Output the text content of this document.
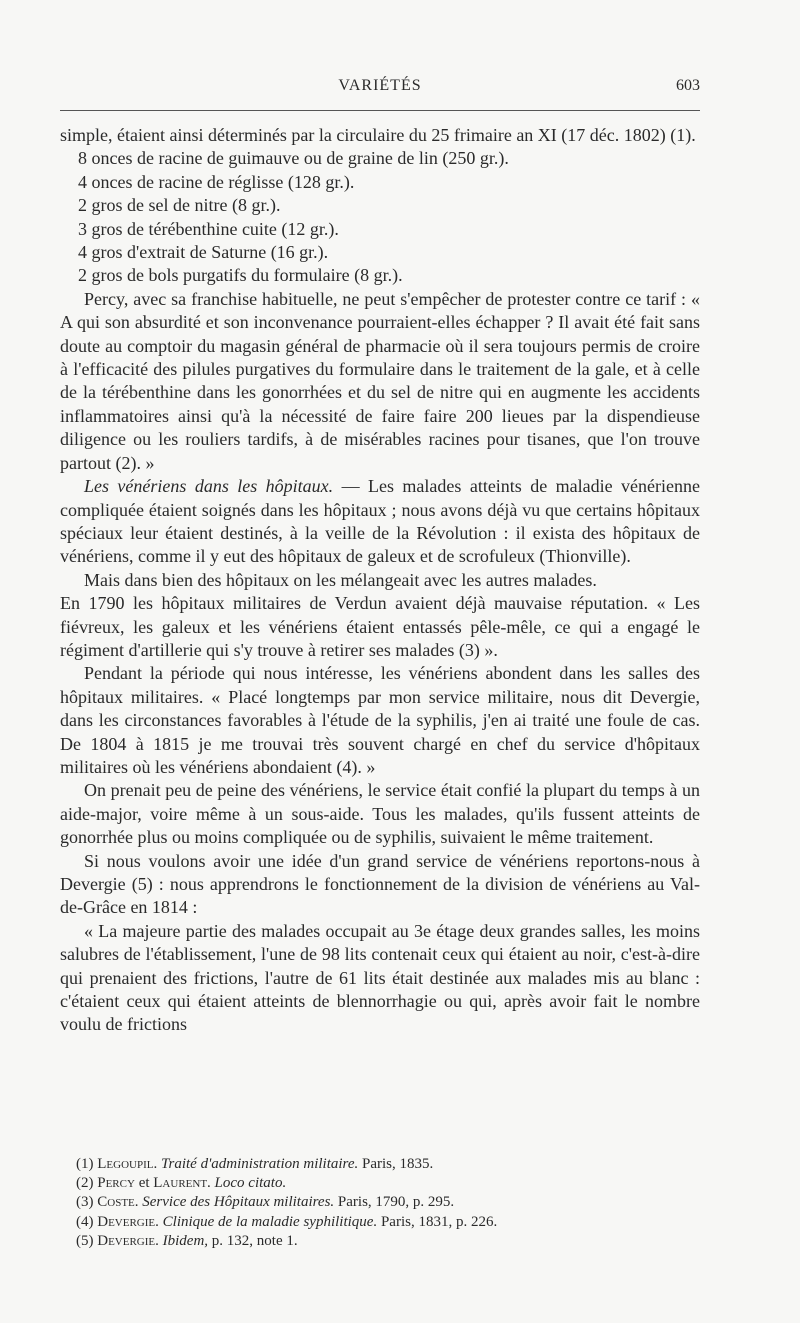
VARIÉTÉS	603

simple, étaient ainsi déterminés par la circulaire du 25 frimaire an XI (17 déc. 1802) (1).

8 onces de racine de guimauve ou de graine de lin (250 gr.).

4 onces de racine de réglisse (128 gr.).

2 gros de sel de nitre (8 gr.).

3 gros de térébenthine cuite (12 gr.).

4 gros d'extrait de Saturne (16 gr.).

2 gros de bols purgatifs du formulaire (8 gr.).

Percy, avec sa franchise habituelle, ne peut s'empêcher de protester contre ce tarif : « A qui son absurdité et son inconvenance pourraient-elles échapper ? Il avait été fait sans doute au comptoir du magasin général de pharmacie où il sera toujours permis de croire à l'efficacité des pilules purgatives du formulaire dans le traitement de la gale, et à celle de la térébenthine dans les gonorrhées et du sel de nitre qui en augmente les accidents inflammatoires ainsi qu'à la nécessité de faire faire 200 lieues par la dispendieuse diligence ou les rouliers tardifs, à de misérables racines pour tisanes, que l'on trouve partout (2). »

Les vénériens dans les hôpitaux. — Les malades atteints de maladie vénérienne compliquée étaient soignés dans les hôpitaux ; nous avons déjà vu que certains hôpitaux spéciaux leur étaient destinés, à la veille de la Révolution : il exista des hôpitaux de vénériens, comme il y eut des hôpitaux de galeux et de scrofuleux (Thionville).

Mais dans bien des hôpitaux on les mélangeait avec les autres malades.

En 1790 les hôpitaux militaires de Verdun avaient déjà mauvaise réputation. « Les fiévreux, les galeux et les vénériens étaient entassés pêle-mêle, ce qui a engagé le régiment d'artillerie qui s'y trouve à retirer ses malades (3) ».

Pendant la période qui nous intéresse, les vénériens abondent dans les salles des hôpitaux militaires. « Placé longtemps par mon service militaire, nous dit Devergie, dans les circonstances favorables à l'étude de la syphilis, j'en ai traité une foule de cas. De 1804 à 1815 je me trouvai très souvent chargé en chef du service d'hôpitaux militaires où les vénériens abondaient (4). »

On prenait peu de peine des vénériens, le service était confié la plupart du temps à un aide-major, voire même à un sous-aide. Tous les malades, qu'ils fussent atteints de gonorrhée plus ou moins compliquée ou de syphilis, suivaient le même traitement.

Si nous voulons avoir une idée d'un grand service de vénériens reportons-nous à Devergie (5) : nous apprendrons le fonctionnement de la division de vénériens au Val-de-Grâce en 1814 :

« La majeure partie des malades occupait au 3e étage deux grandes salles, les moins salubres de l'établissement, l'une de 98 lits contenait ceux qui étaient au noir, c'est-à-dire qui prenaient des frictions, l'autre de 61 lits était destinée aux malades mis au blanc : c'étaient ceux qui étaient atteints de blennorrhagie ou qui, après avoir fait le nombre voulu de frictions

(1) Legoupil. Traité d'administration militaire. Paris, 1835.
(2) Percy et Laurent. Loco citato.
(3) Coste. Service des Hôpitaux militaires. Paris, 1790, p. 295.
(4) Devergie. Clinique de la maladie syphilitique. Paris, 1831, p. 226.
(5) Devergie. Ibidem, p. 132, note 1.
